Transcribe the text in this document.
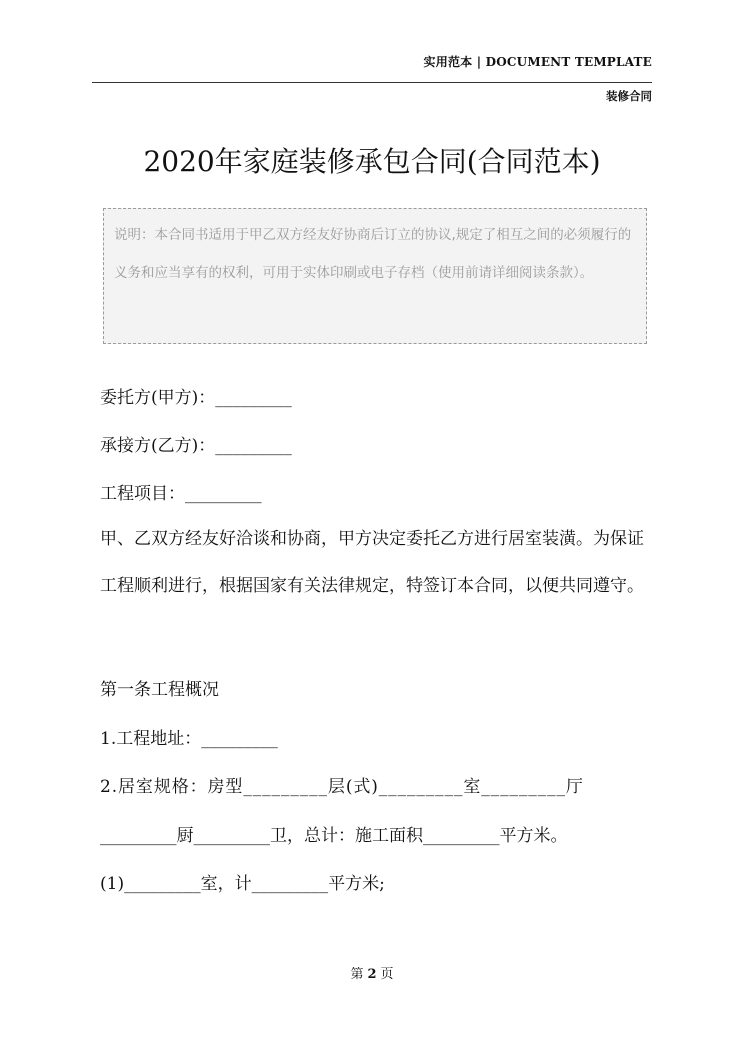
实用范本 | DOCUMENT TEMPLATE
装修合同
2020年家庭装修承包合同(合同范本)
说明：本合同书适用于甲乙双方经友好协商后订立的协议,规定了相互之间的必须履行的义务和应当享有的权利，可用于实体印刷或电子存档（使用前请详细阅读条款）。
委托方(甲方)：_________
承接方(乙方)：_________
工程项目：_________
甲、乙双方经友好洽谈和协商，甲方决定委托乙方进行居室装潢。为保证工程顺利进行，根据国家有关法律规定，特签订本合同，以便共同遵守。
第一条工程概况
1.工程地址：_________
2.居室规格：房型_________层(式)_________室_________厅
_________厨_________卫，总计：施工面积_________平方米。
(1)_________室，计_________平方米;
第 2 页
